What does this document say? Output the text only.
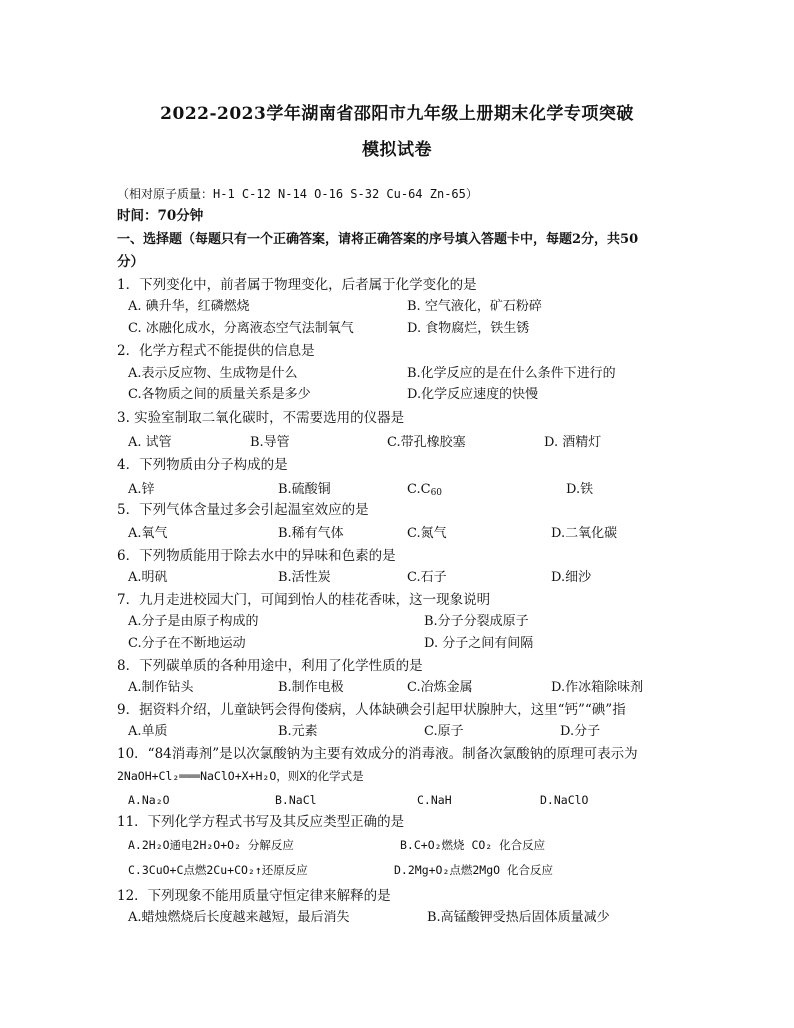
2022-2023学年湖南省邵阳市九年级上册期末化学专项突破
模拟试卷
（相对原子质量：H-1 C-12 N-14 O-16 S-32 Cu-64 Zn-65）
时间：70分钟
一、选择题（每题只有一个正确答案，请将正确答案的序号填入答题卡中，每题2分，共50
分）
1．下列变化中，前者属于物理变化，后者属于化学变化的是
A. 碘升华，红磷燃烧	B. 空气液化，矿石粉碎
C. 冰融化成水，分离液态空气法制氧气	D. 食物腐烂，铁生锈
2．化学方程式不能提供的信息是
A.表示反应物、生成物是什么	B.化学反应的是在什么条件下进行的
C.各物质之间的质量关系是多少	D.化学反应速度的快慢
3. 实验室制取二氧化碳时，不需要选用的仪器是
A. 试管	B.导管	C.带孔橡胶塞	D. 酒精灯
4．下列物质由分子构成的是
A.锌	B.硫酸铜	$C.C_{60}$	D.铁
5．下列气体含量过多会引起温室效应的是
A.氧气	B.稀有气体	C.氮气	D.二氧化碳
6．下列物质能用于除去水中的异味和色素的是
A.明矾	B.活性炭	C.石子	D.细沙
7．九月走进校园大门，可闻到怡人的桂花香味，这一现象说明
A.分子是由原子构成的	B.分子分裂成原子
C.分子在不断地运动	D. 分子之间有间隔
8．下列碳单质的各种用途中，利用了化学性质的是
A.制作钻头	B.制作电极	C.冶炼金属	D.作冰箱除味剂
9．据资料介绍，儿童缺钙会得佝偻病，人体缺碘会引起甲状腺肿大，这里“钙”“碘”指
A.单质	B.元素	C.原子	D.分子
10．“84消毒剂”是以次氯酸钠为主要有效成分的消毒液。制备次氯酸钠的原理可表示为
2NaOH+Cl₂═══NaClO+X+H₂O，则X的化学式是
A.Na₂O	B.NaCl	C.NaH	D.NaClO
11．下列化学方程式书写及其反应类型正确的是
A.2H₂O通电2H₂O+O₂ 分解反应	B.C+O₂燃烧 CO₂ 化合反应
C.3CuO+C点燃2Cu+CO₂↑还原反应	D.2Mg+O₂点燃2MgO 化合反应
12．下列现象不能用质量守恒定律来解释的是
A.蜡烛燃烧后长度越来越短，最后消失	B.高锰酸钾受热后固体质量减少
